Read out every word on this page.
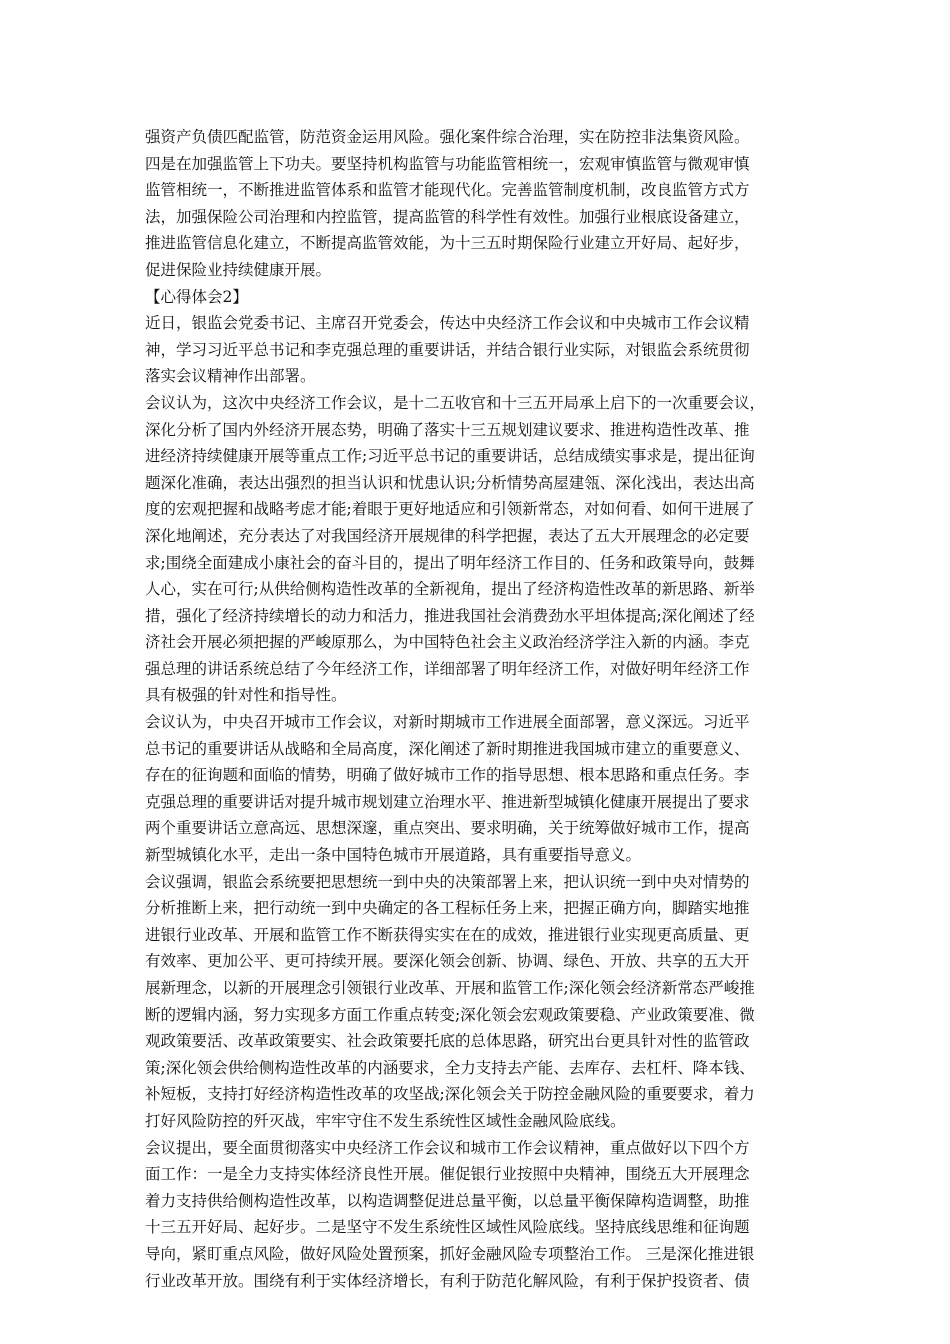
强资产负债匹配监管，防范资金运用风险。强化案件综合治理，实在防控非法集资风险。
四是在加强监管上下功夫。要坚持机构监管与功能监管相统一，宏观审慎监管与微观审慎
监管相统一，不断推进监管体系和监管才能现代化。完善监管制度机制，改良监管方式方
法，加强保险公司治理和内控监管，提高监管的科学性有效性。加强行业根底设备建立，
推进监管信息化建立，不断提高监管效能，为十三五时期保险行业建立开好局、起好步，
促进保险业持续健康开展。
【心得体会2】
近日，银监会党委书记、主席召开党委会，传达中央经济工作会议和中央城市工作会议精
神，学习习近平总书记和李克强总理的重要讲话，并结合银行业实际，对银监会系统贯彻
落实会议精神作出部署。
会议认为，这次中央经济工作会议，是十二五收官和十三五开局承上启下的一次重要会议，
深化分析了国内外经济开展态势，明确了落实十三五规划建议要求、推进构造性改革、推
进经济持续健康开展等重点工作;习近平总书记的重要讲话，总结成绩实事求是，提出征询
题深化准确，表达出强烈的担当认识和忧患认识;分析情势高屋建瓴、深化浅出，表达出高
度的宏观把握和战略考虑才能;着眼于更好地适应和引领新常态，对如何看、如何干进展了
深化地阐述，充分表达了对我国经济开展规律的科学把握，表达了五大开展理念的必定要
求;围绕全面建成小康社会的奋斗目的，提出了明年经济工作目的、任务和政策导向，鼓舞
人心，实在可行;从供给侧构造性改革的全新视角，提出了经济构造性改革的新思路、新举
措，强化了经济持续增长的动力和活力，推进我国社会消费劲水平坦体提高;深化阐述了经
济社会开展必须把握的严峻原那么，为中国特色社会主义政治经济学注入新的内涵。李克
强总理的讲话系统总结了今年经济工作，详细部署了明年经济工作，对做好明年经济工作
具有极强的针对性和指导性。
会议认为，中央召开城市工作会议，对新时期城市工作进展全面部署，意义深远。习近平
总书记的重要讲话从战略和全局高度，深化阐述了新时期推进我国城市建立的重要意义、
存在的征询题和面临的情势，明确了做好城市工作的指导思想、根本思路和重点任务。李
克强总理的重要讲话对提升城市规划建立治理水平、推进新型城镇化健康开展提出了要求
两个重要讲话立意高远、思想深邃，重点突出、要求明确，关于统筹做好城市工作，提高
新型城镇化水平，走出一条中国特色城市开展道路，具有重要指导意义。
会议强调，银监会系统要把思想统一到中央的决策部署上来，把认识统一到中央对情势的
分析推断上来，把行动统一到中央确定的各工程标任务上来，把握正确方向，脚踏实地推
进银行业改革、开展和监管工作不断获得实实在在的成效，推进银行业实现更高质量、更
有效率、更加公平、更可持续开展。要深化领会创新、协调、绿色、开放、共享的五大开
展新理念，以新的开展理念引领银行业改革、开展和监管工作;深化领会经济新常态严峻推
断的逻辑内涵，努力实现多方面工作重点转变;深化领会宏观政策要稳、产业政策要准、微
观政策要活、改革政策要实、社会政策要托底的总体思路，研究出台更具针对性的监管政
策;深化领会供给侧构造性改革的内涵要求，全力支持去产能、去库存、去杠杆、降本钱、
补短板，支持打好经济构造性改革的攻坚战;深化领会关于防控金融风险的重要要求，着力
打好风险防控的歼灭战，牢牢守住不发生系统性区域性金融风险底线。
会议提出，要全面贯彻落实中央经济工作会议和城市工作会议精神，重点做好以下四个方
面工作：一是全力支持实体经济良性开展。催促银行业按照中央精神，围绕五大开展理念
着力支持供给侧构造性改革，以构造调整促进总量平衡，以总量平衡保障构造调整，助推
十三五开好局、起好步。二是坚守不发生系统性区域性风险底线。坚持底线思维和征询题
导向，紧盯重点风险，做好风险处置预案，抓好金融风险专项整治工作。 三是深化推进银
行业改革开放。围绕有利于实体经济增长，有利于防范化解风险，有利于保护投资者、债
